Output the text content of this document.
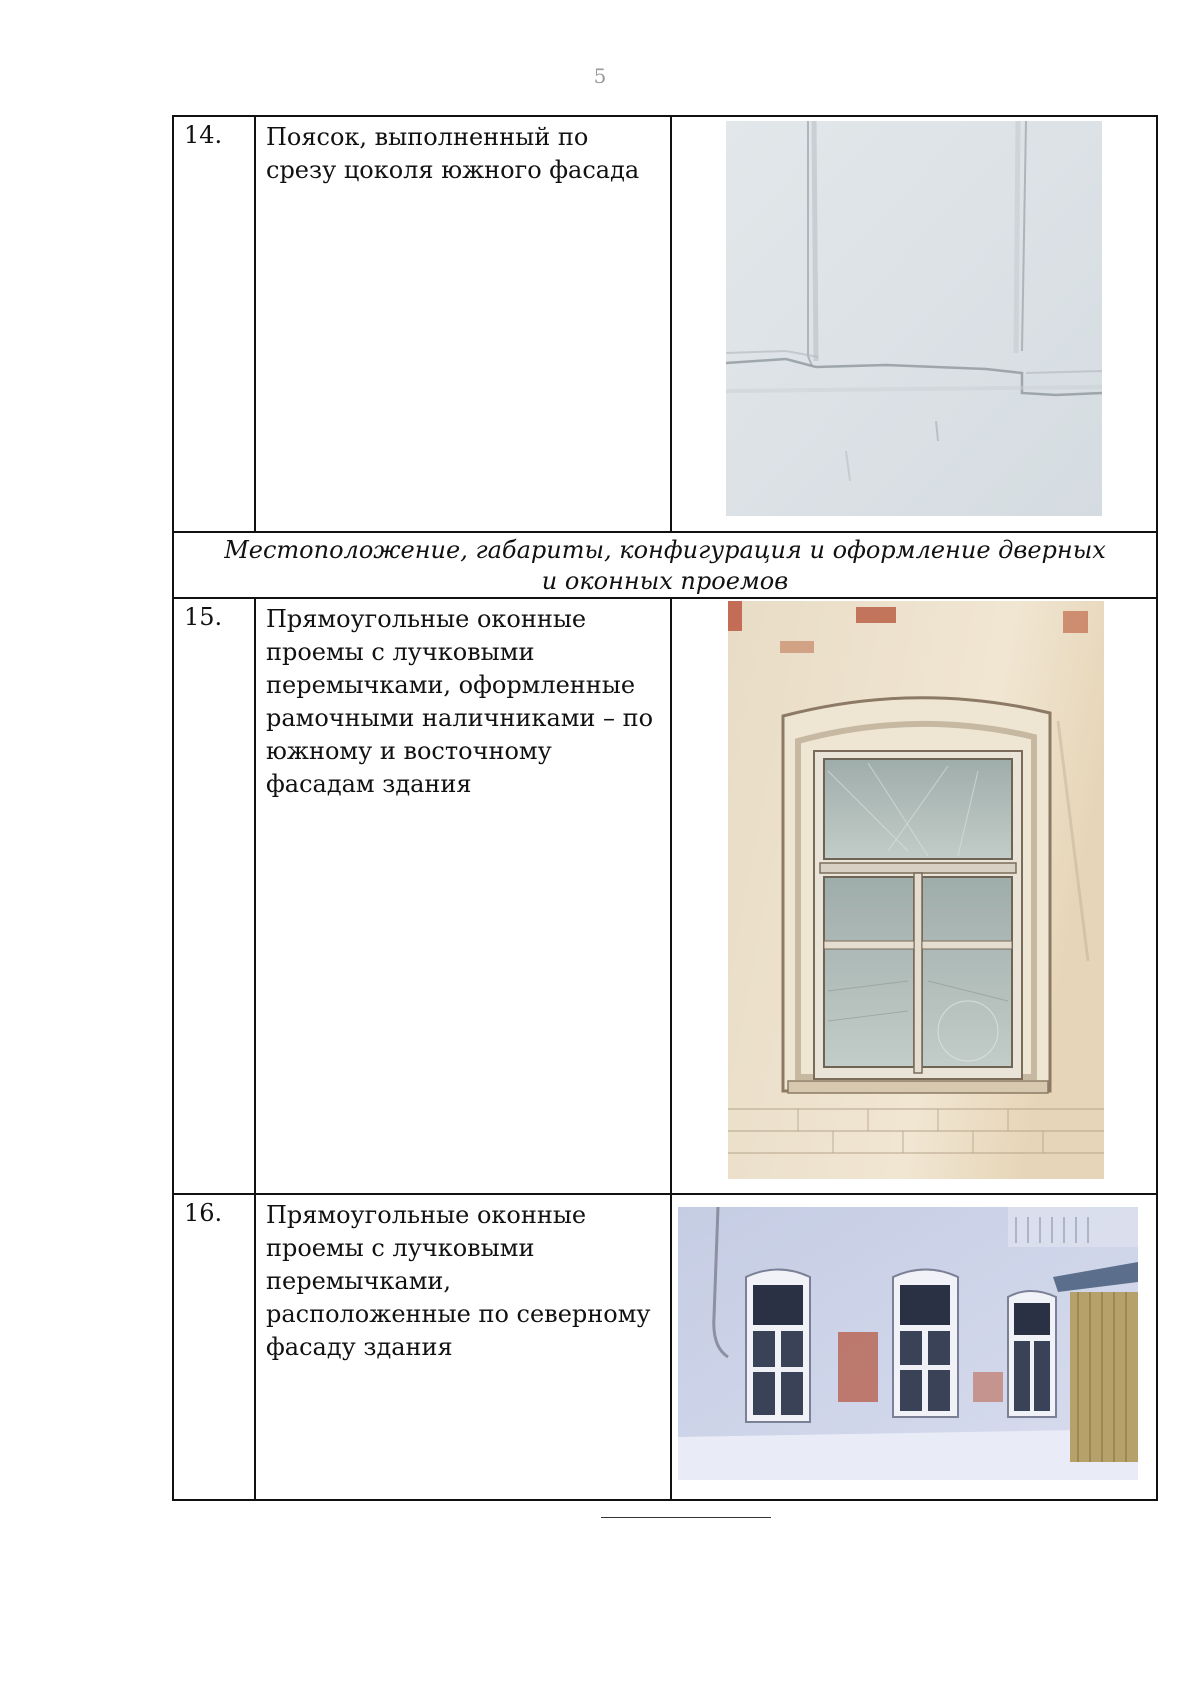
5
14.	Поясок, выполненный по срезу цоколя южного фасада

Местоположение, габариты, конфигурация и оформление дверных и оконных проемов		

15.	Прямоугольные оконные проемы с лучковыми перемычками, оформленные рамочными наличниками – по южному и восточному фасадам здания

16.	Прямоугольные оконные проемы с лучковыми перемычками, расположенные по северному фасаду здания
